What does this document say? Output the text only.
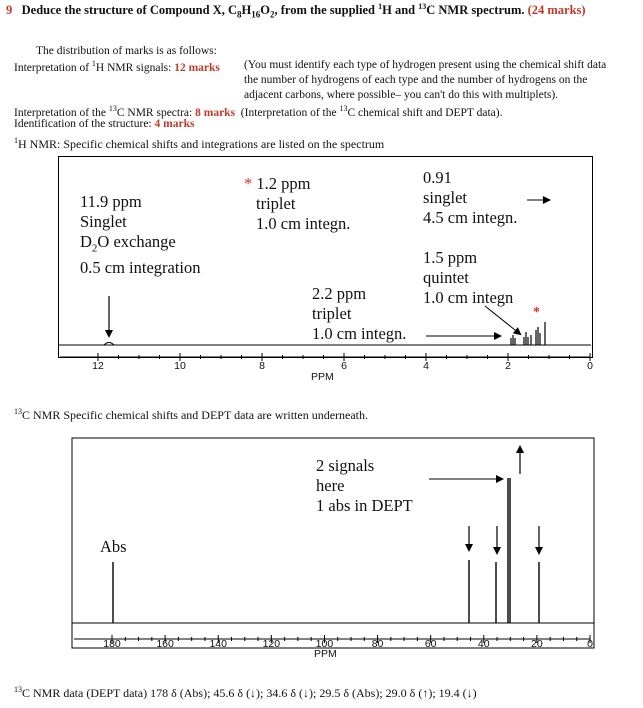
9 Deduce the structure of Compound X, $C_8H_{16}O_2$, from the supplied $^1$H and $^{13}$C NMR spectrum. (24 marks)
The distribution of marks is as follows:
Interpretation of $^1$H NMR signals: 12 marks (You must identify each type of hydrogen present using the chemical shift data
the number of hydrogens of each type and the number of hydrogens on the
adjacent carbons, where possible– you can't do this with multiplets).
Interpretation of the $^{13}$C NMR spectra: 8 marks (Interpretation of the $^{13}$C chemical shift and DEPT data).
Identification of the structure: 4 marks
$^1$H NMR: Specific chemical shifts and integrations are listed on the spectrum
11.9 ppm
Singlet
$D_2O$ exchange
0.5 cm integration
* 1.2 ppm
triplet
1.0 cm integn.
0.91
singlet
4.5 cm integn.
1.5 ppm
quintet
1.0 cm integn
2.2 ppm
triplet
1.0 cm integn.
*
12	10	8	6	4	2	0
PPM
$^{13}$C NMR Specific chemical shifts and DEPT data are written underneath.
2 signals
here
1 abs in DEPT
Abs
180	160	140	120	100	80	60	40	20	0
PPM
$^{13}$C NMR data (DEPT data) 178 δ (Abs); 45.6 δ (↓); 34.6 δ (↓); 29.5 δ (Abs); 29.0 δ (↑); 19.4 (↓)
